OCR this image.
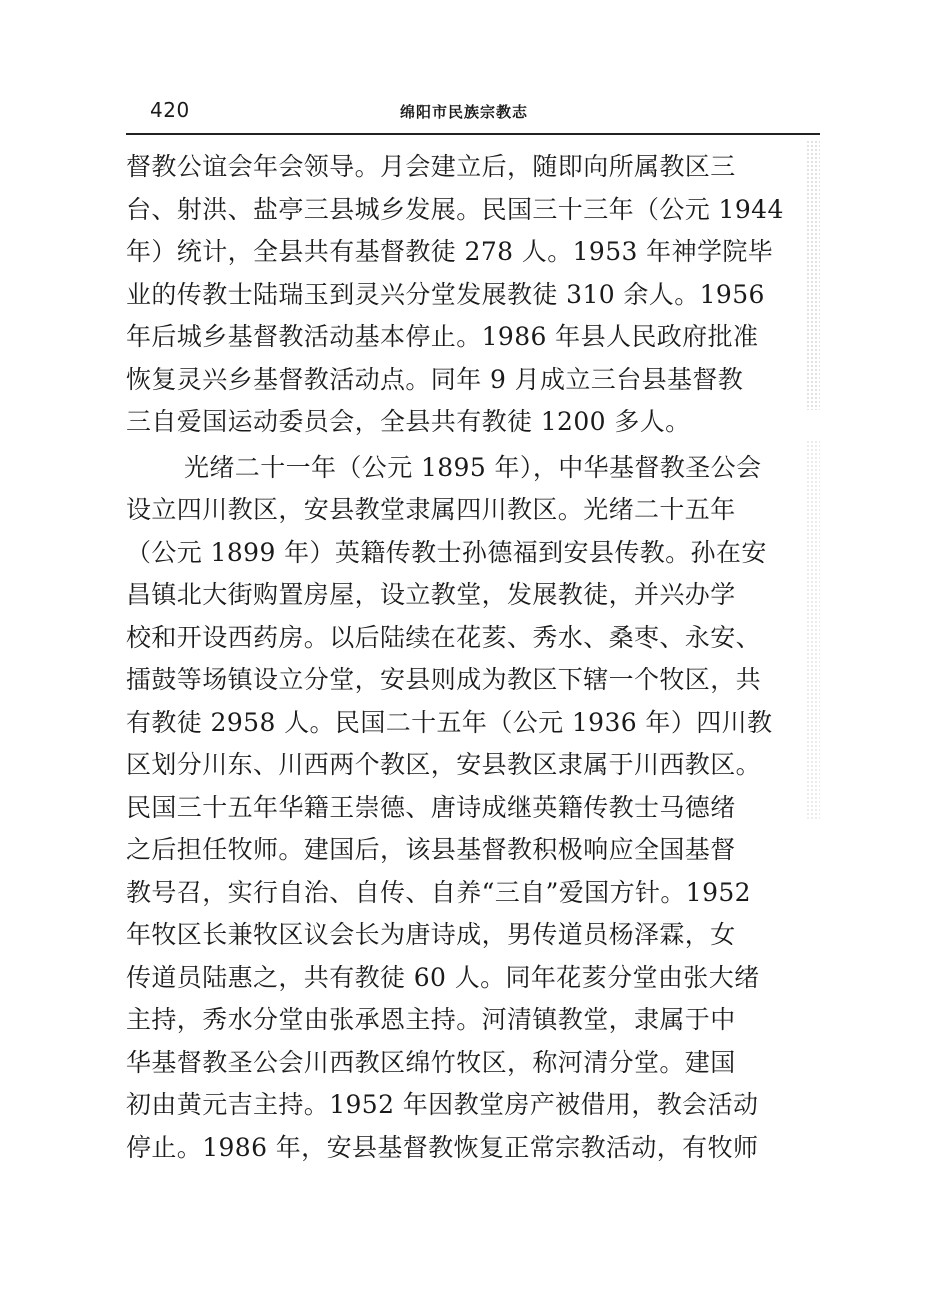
420	绵阳市民族宗教志
督教公谊会年会领导。月会建立后，随即向所属教区三
台、射洪、盐亭三县城乡发展。民国三十三年（公元 1944
年）统计，全县共有基督教徒 278 人。1953 年神学院毕
业的传教士陆瑞玉到灵兴分堂发展教徒 310 余人。1956
年后城乡基督教活动基本停止。1986 年县人民政府批准
恢复灵兴乡基督教活动点。同年 9 月成立三台县基督教
三自爱国运动委员会，全县共有教徒 1200 多人。
光绪二十一年（公元 1895 年），中华基督教圣公会
设立四川教区，安县教堂隶属四川教区。光绪二十五年
（公元 1899 年）英籍传教士孙德福到安县传教。孙在安
昌镇北大街购置房屋，设立教堂，发展教徒，并兴办学
校和开设西药房。以后陆续在花荄、秀水、桑枣、永安、
擂鼓等场镇设立分堂，安县则成为教区下辖一个牧区，共
有教徒 2958 人。民国二十五年（公元 1936 年）四川教
区划分川东、川西两个教区，安县教区隶属于川西教区。
民国三十五年华籍王崇德、唐诗成继英籍传教士马德绪
之后担任牧师。建国后，该县基督教积极响应全国基督
教号召，实行自治、自传、自养“三自”爱国方针。1952
年牧区长兼牧区议会长为唐诗成，男传道员杨泽霖，女
传道员陆惠之，共有教徒 60 人。同年花荄分堂由张大绪
主持，秀水分堂由张承恩主持。河清镇教堂，隶属于中
华基督教圣公会川西教区绵竹牧区，称河清分堂。建国
初由黄元吉主持。1952 年因教堂房产被借用，教会活动
停止。1986 年，安县基督教恢复正常宗教活动，有牧师
